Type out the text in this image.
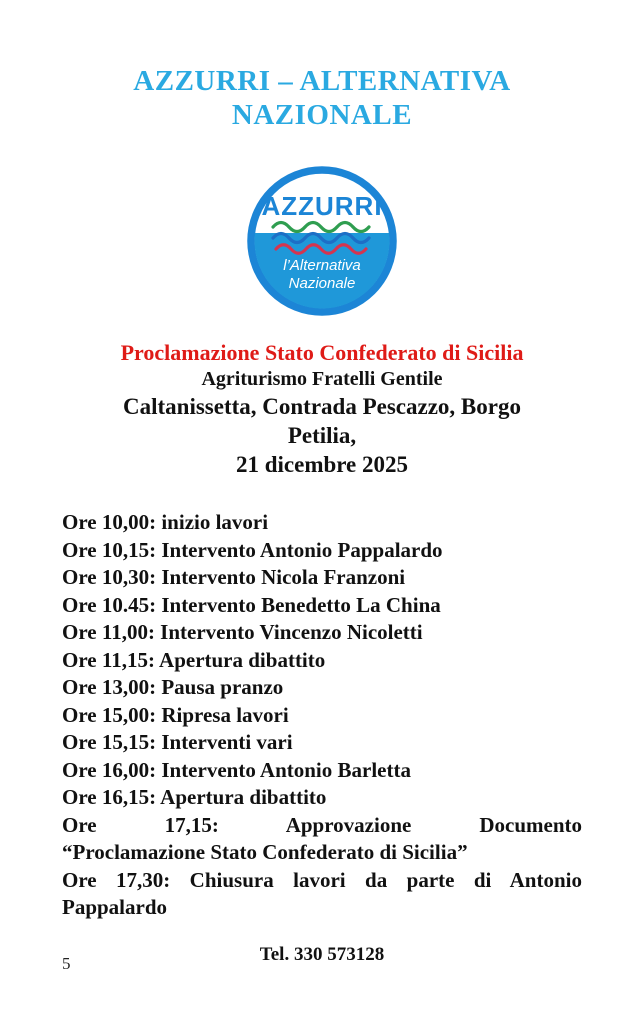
AZZURRI – ALTERNATIVA
NAZIONALE
AZZURRI
l’Alternativa
Nazionale
Proclamazione Stato Confederato di Sicilia
Agriturismo Fratelli Gentile
Caltanissetta, Contrada Pescazzo, Borgo
Petilia,
21 dicembre 2025
Ore 10,00: inizio lavori
Ore 10,15: Intervento Antonio Pappalardo
Ore 10,30: Intervento Nicola Franzoni
Ore 10.45: Intervento Benedetto La China
Ore 11,00: Intervento Vincenzo Nicoletti
Ore 11,15: Apertura dibattito
Ore 13,00: Pausa pranzo
Ore 15,00: Ripresa lavori
Ore 15,15: Interventi vari
Ore 16,00: Intervento Antonio Barletta
Ore 16,15: Apertura dibattito
Ore 17,15: Approvazione Documento
“Proclamazione Stato Confederato di Sicilia”
Ore 17,30: Chiusura lavori da parte di Antonio
Pappalardo
Tel. 330 573128
5
